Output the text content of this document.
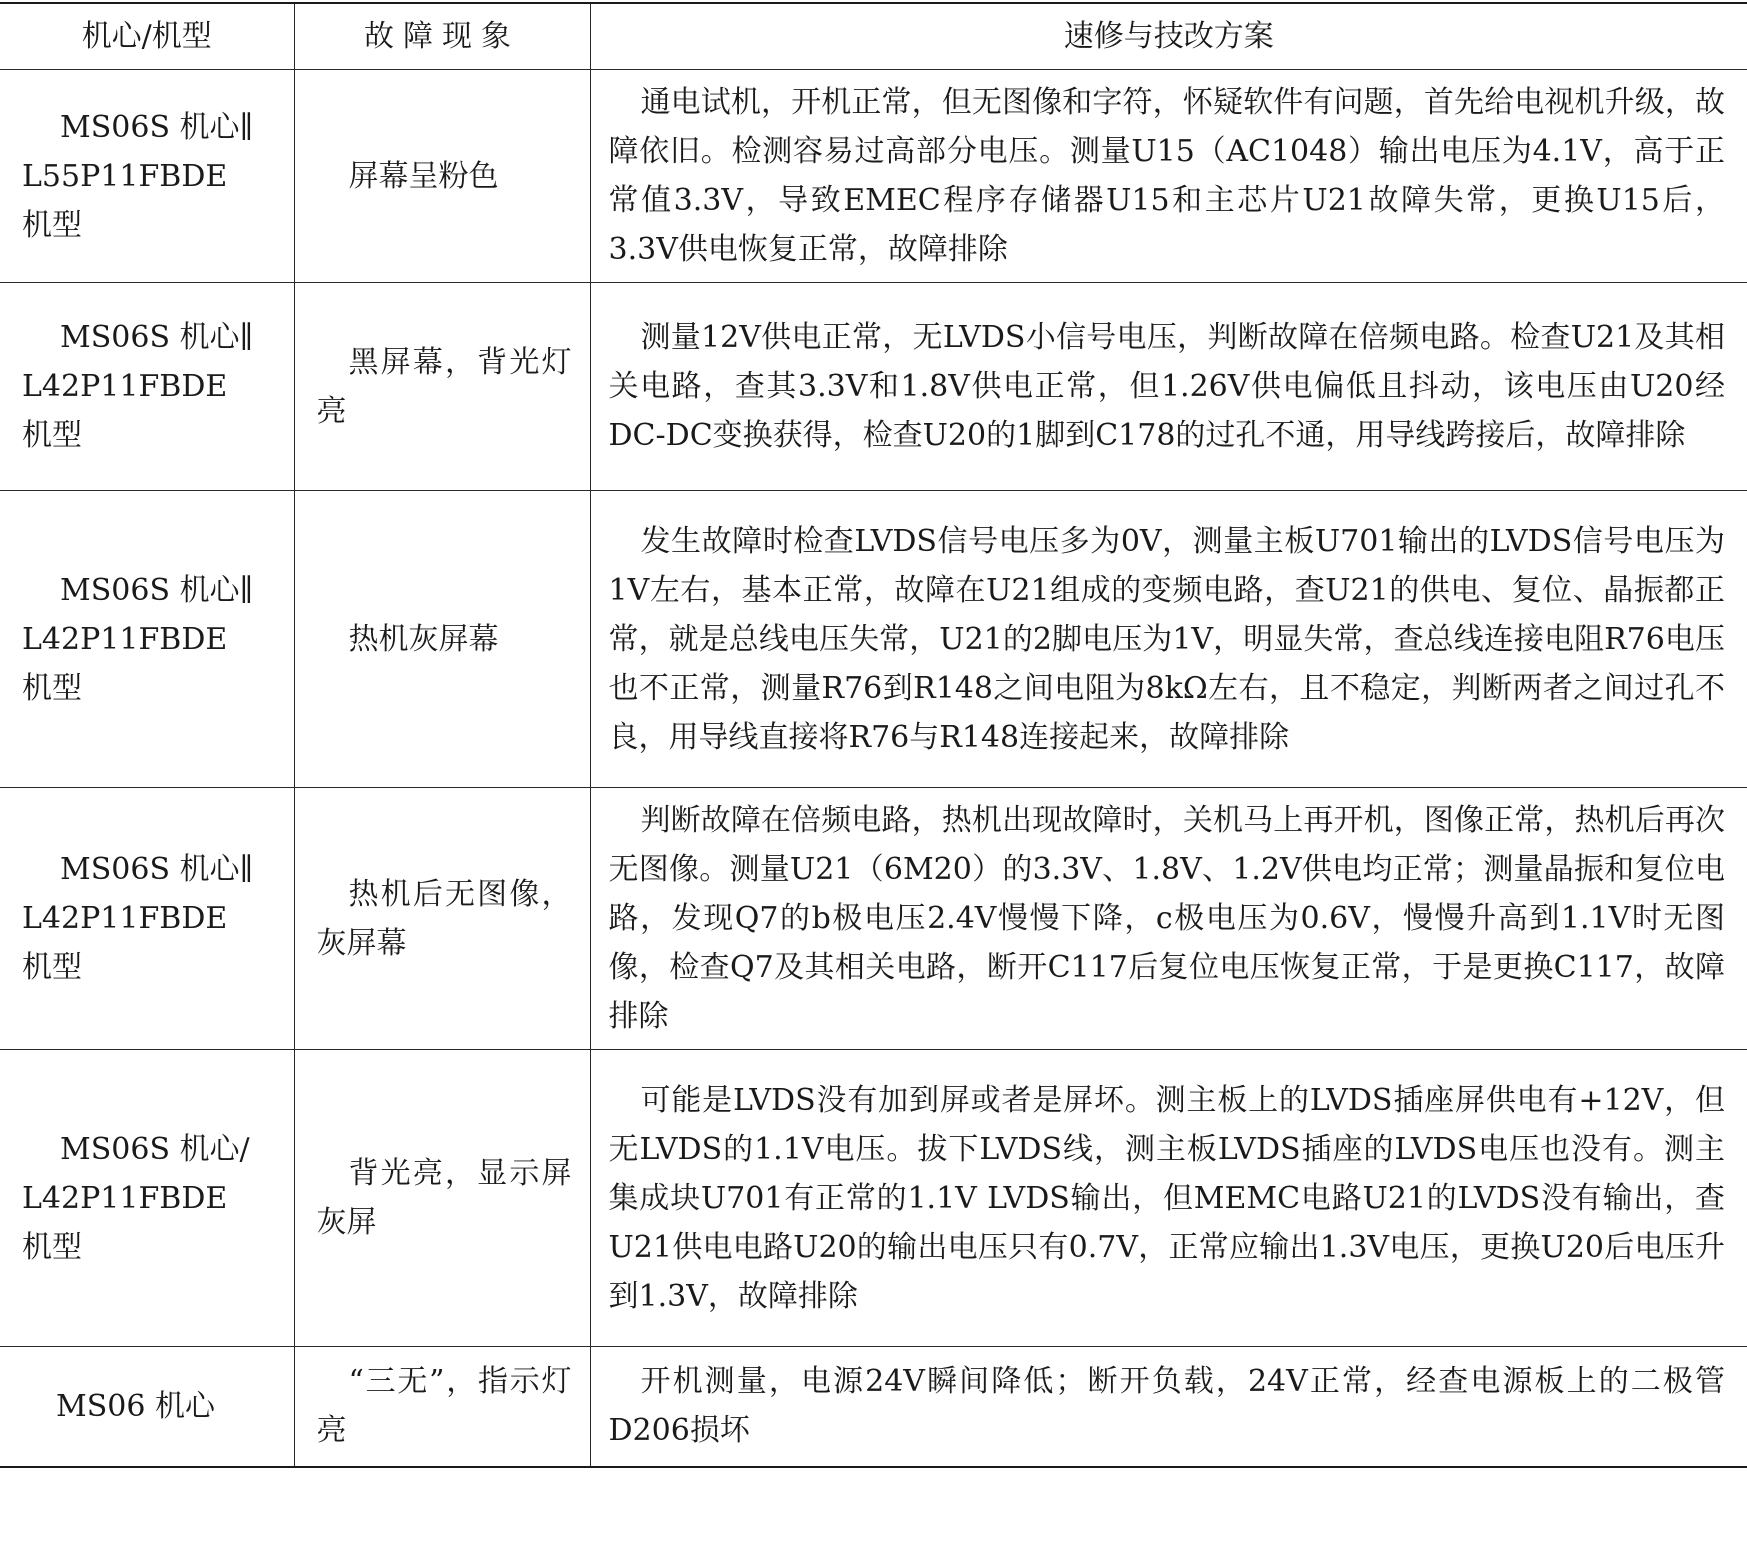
机心/机型	故障现象	速修与技改方案

MS06S 机心∥
L55P11FBDE
机型	屏幕呈粉色	通电试机，开机正常，但无图像和字符，怀疑软件有问题，首先给电视机升级，故障依旧。检测容易过高部分电压。测量U15（AC1048）输出电压为4.1V，高于正常值3.3V，导致EMEC程序存储器U15和主芯片U21故障失常，更换U15后，3.3V供电恢复正常，故障排除

MS06S 机心∥
L42P11FBDE
机型	黑屏幕，背光灯亮	测量12V供电正常，无LVDS小信号电压，判断故障在倍频电路。检查U21及其相关电路，查其3.3V和1.8V供电正常，但1.26V供电偏低且抖动，该电压由U20经DC-DC变换获得，检查U20的1脚到C178的过孔不通，用导线跨接后，故障排除

MS06S 机心∥
L42P11FBDE
机型	热机灰屏幕	发生故障时检查LVDS信号电压多为0V，测量主板U701输出的LVDS信号电压为1V左右，基本正常，故障在U21组成的变频电路，查U21的供电、复位、晶振都正常，就是总线电压失常，U21的2脚电压为1V，明显失常，查总线连接电阻R76电压也不正常，测量R76到R148之间电阻为8kΩ左右，且不稳定，判断两者之间过孔不良，用导线直接将R76与R148连接起来，故障排除

MS06S 机心∥
L42P11FBDE
机型	热机后无图像，灰屏幕	判断故障在倍频电路，热机出现故障时，关机马上再开机，图像正常，热机后再次无图像。测量U21（6M20）的3.3V、1.8V、1.2V供电均正常；测量晶振和复位电路，发现Q7的b极电压2.4V慢慢下降，c极电压为0.6V，慢慢升高到1.1V时无图像，检查Q7及其相关电路，断开C117后复位电压恢复正常，于是更换C117，故障排除

MS06S 机心/
L42P11FBDE
机型	背光亮，显示屏灰屏	可能是LVDS没有加到屏或者是屏坏。测主板上的LVDS插座屏供电有+12V，但无LVDS的1.1V电压。拔下LVDS线，测主板LVDS插座的LVDS电压也没有。测主集成块U701有正常的1.1V LVDS输出，但MEMC电路U21的LVDS没有输出，查U21供电电路U20的输出电压只有0.7V，正常应输出1.3V电压，更换U20后电压升到1.3V，故障排除

MS06 机心	“三无”，指示灯亮	开机测量，电源24V瞬间降低；断开负载，24V正常，经查电源板上的二极管D206损坏
